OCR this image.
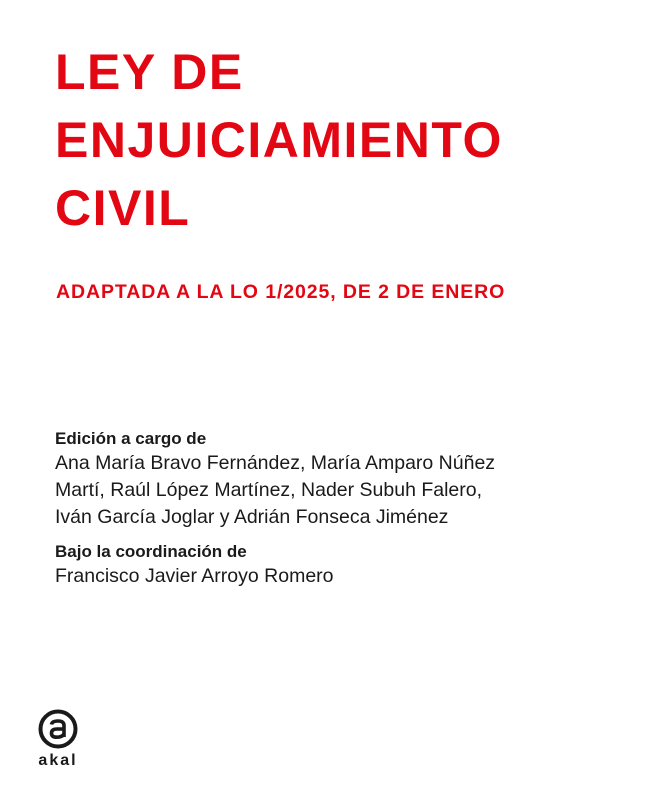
LEY DE
ENJUICIAMIENTO
CIVIL
ADAPTADA A LA LO 1/2025, DE 2 DE ENERO
Edición a cargo de
Ana María Bravo Fernández, María Amparo Núñez
Martí, Raúl López Martínez, Nader Subuh Falero,
Iván García Joglar y Adrián Fonseca Jiménez
Bajo la coordinación de
Francisco Javier Arroyo Romero
akal
